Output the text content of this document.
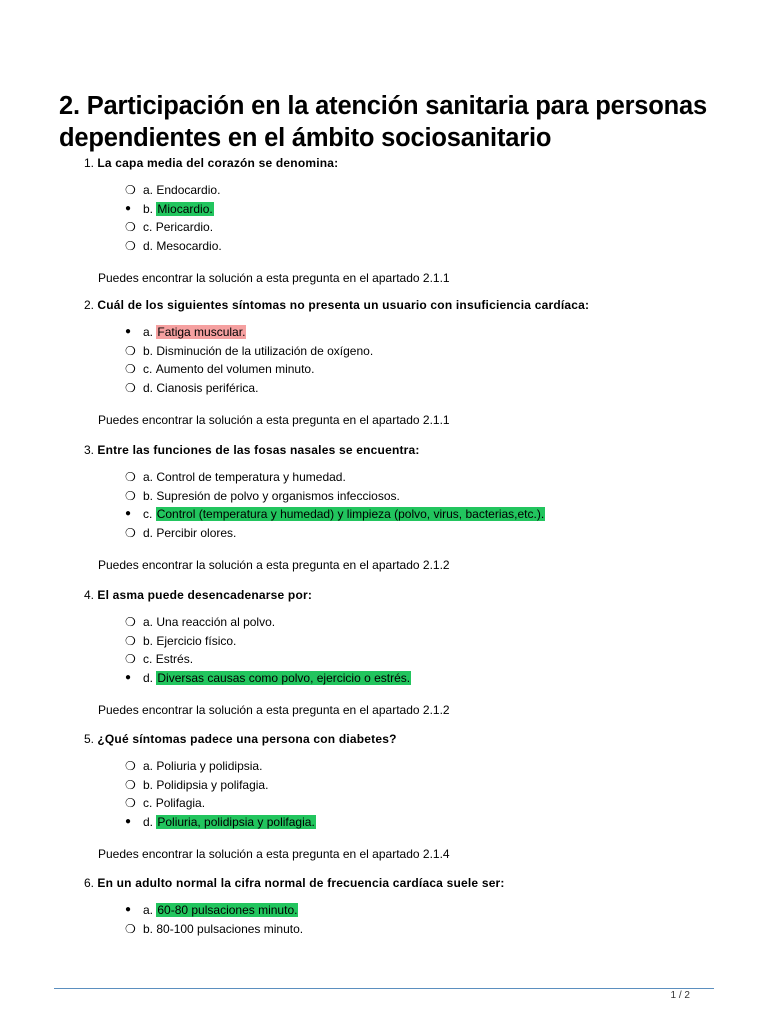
2. Participación en la atención sanitaria para personas dependientes en el ámbito sociosanitario
1. La capa media del corazón se denomina:
❍ a.
Endocardio.
● b.
Miocardio.
❍ c.
Pericardio.
❍ d.
Mesocardio.
Puedes encontrar la solución a esta pregunta en el apartado 2.1.1
2. Cuál de los siguientes síntomas no presenta un usuario con insuficiencia cardíaca:
● a.
Fatiga muscular.
❍ b.
Disminución de la utilización de oxígeno.
❍ c.
Aumento del volumen minuto.
❍ d.
Cianosis periférica.
Puedes encontrar la solución a esta pregunta en el apartado 2.1.1
3. Entre las funciones de las fosas nasales se encuentra:
❍ a.
Control de temperatura y humedad.
❍ b.
Supresión de polvo y organismos infecciosos.
● c.
Control (temperatura y humedad) y limpieza (polvo, virus, bacterias,etc.).
❍ d.
Percibir olores.
Puedes encontrar la solución a esta pregunta en el apartado 2.1.2
4. El asma puede desencadenarse por:
❍ a.
Una reacción al polvo.
❍ b.
Ejercicio físico.
❍ c.
Estrés.
● d.
Diversas causas como polvo, ejercicio o estrés.
Puedes encontrar la solución a esta pregunta en el apartado 2.1.2
5. ¿Qué síntomas padece una persona con diabetes?
❍ a.
Poliuria y polidipsia.
❍ b.
Polidipsia y polifagia.
❍ c.
Polifagia.
● d.
Poliuria, polidipsia y polifagia.
Puedes encontrar la solución a esta pregunta en el apartado 2.1.4
6. En un adulto normal la cifra normal de frecuencia cardíaca suele ser:
● a.
60-80 pulsaciones minuto.
❍ b.
80-100 pulsaciones minuto.
1 / 2
